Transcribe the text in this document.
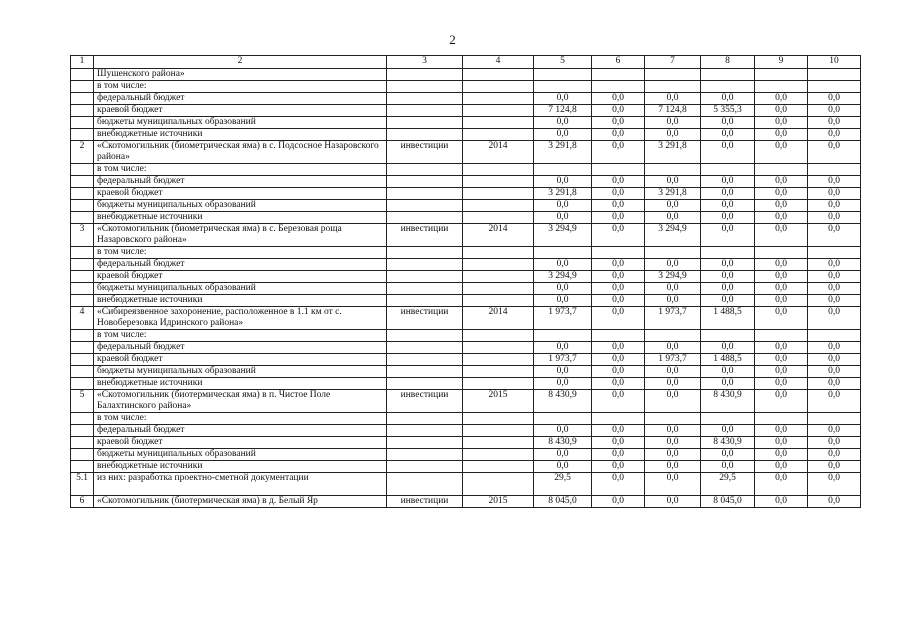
2
1	2	3	4	5	6	7	8	9	10
	Шушенского района»								
	в том числе:								
	федеральный бюджет			0,0	0,0	0,0	0,0	0,0	0,0
	краевой бюджет			7 124,8	0,0	7 124,8	5 355,3	0,0	0,0
	бюджеты муниципальных образований			0,0	0,0	0,0	0,0	0,0	0,0
	внебюджетные источники			0,0	0,0	0,0	0,0	0,0	0,0
2	«Скотомогильник (биометрическая яма) в с. Подсосное Назаровского района»	инвестиции	2014	3 291,8	0,0	3 291,8	0,0	0,0	0,0
	в том числе:								
	федеральный бюджет			0,0	0,0	0,0	0,0	0,0	0,0
	краевой бюджет			3 291,8	0,0	3 291,8	0,0	0,0	0,0
	бюджеты муниципальных образований			0,0	0,0	0,0	0,0	0,0	0,0
	внебюджетные источники			0,0	0,0	0,0	0,0	0,0	0,0
3	«Скотомогильник (биометрическая яма) в с. Березовая роща Назаровского района»	инвестиции	2014	3 294,9	0,0	3 294,9	0,0	0,0	0,0
	в том числе:								
	федеральный бюджет			0,0	0,0	0,0	0,0	0,0	0,0
	краевой бюджет			3 294,9	0,0	3 294,9	0,0	0,0	0,0
	бюджеты муниципальных образований			0,0	0,0	0,0	0,0	0,0	0,0
	внебюджетные источники			0,0	0,0	0,0	0,0	0,0	0,0
4	«Сибиреязвенное захоронение, расположенное в 1.1 км от с. Новоберезовка Идринского района»	инвестиции	2014	1 973,7	0,0	1 973,7	1 488,5	0,0	0,0
	в том числе:								
	федеральный бюджет			0,0	0,0	0,0	0,0	0,0	0,0
	краевой бюджет			1 973,7	0,0	1 973,7	1 488,5	0,0	0,0
	бюджеты муниципальных образований			0,0	0,0	0,0	0,0	0,0	0,0
	внебюджетные источники			0,0	0,0	0,0	0,0	0,0	0,0
5	«Скотомогильник (биотермическая яма) в п. Чистое Поле Балахтинского района»	инвестиции	2015	8 430,9	0,0	0,0	8 430,9	0,0	0,0
	в том числе:								
	федеральный бюджет			0,0	0,0	0,0	0,0	0,0	0,0
	краевой бюджет			8 430,9	0,0	0,0	8 430,9	0,0	0,0
	бюджеты муниципальных образований			0,0	0,0	0,0	0,0	0,0	0,0
	внебюджетные источники			0,0	0,0	0,0	0,0	0,0	0,0
5.1	из них: разработка проектно-сметной документации			29,5	0,0	0,0	29,5	0,0	0,0
6	«Скотомогильник (биотермическая яма) в д. Белый Яр	инвестиции	2015	8 045,0	0,0	0,0	8 045,0	0,0	0,0
